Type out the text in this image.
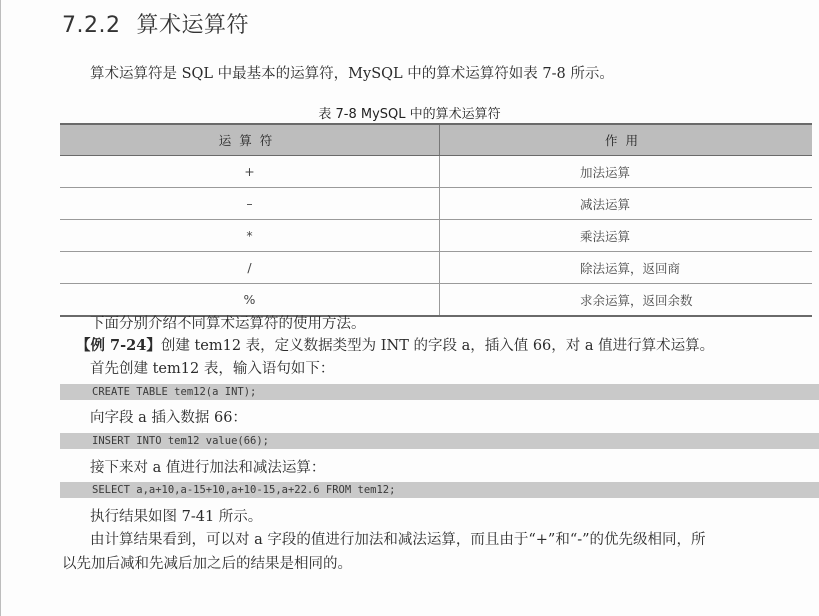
7.2.2 算术运算符
算术运算符是 SQL 中最基本的运算符，MySQL 中的算术运算符如表 7-8 所示。
表 7-8 MySQL 中的算术运算符
运算符	作用
+	加法运算
–	减法运算
*	乘法运算
/	除法运算，返回商
%	求余运算，返回余数
下面分别介绍不同算术运算符的使用方法。
【例 7-24】创建 tem12 表，定义数据类型为 INT 的字段 a，插入值 66，对 a 值进行算术运算。
首先创建 tem12 表，输入语句如下：
CREATE TABLE tem12(a INT);
向字段 a 插入数据 66：
INSERT INTO tem12 value(66);
接下来对 a 值进行加法和减法运算：
SELECT a,a+10,a-15+10,a+10-15,a+22.6 FROM tem12;
执行结果如图 7-41 所示。
由计算结果看到，可以对 a 字段的值进行加法和减法运算，而且由于“+”和“-”的优先级相同，所
以先加后减和先减后加之后的结果是相同的。
